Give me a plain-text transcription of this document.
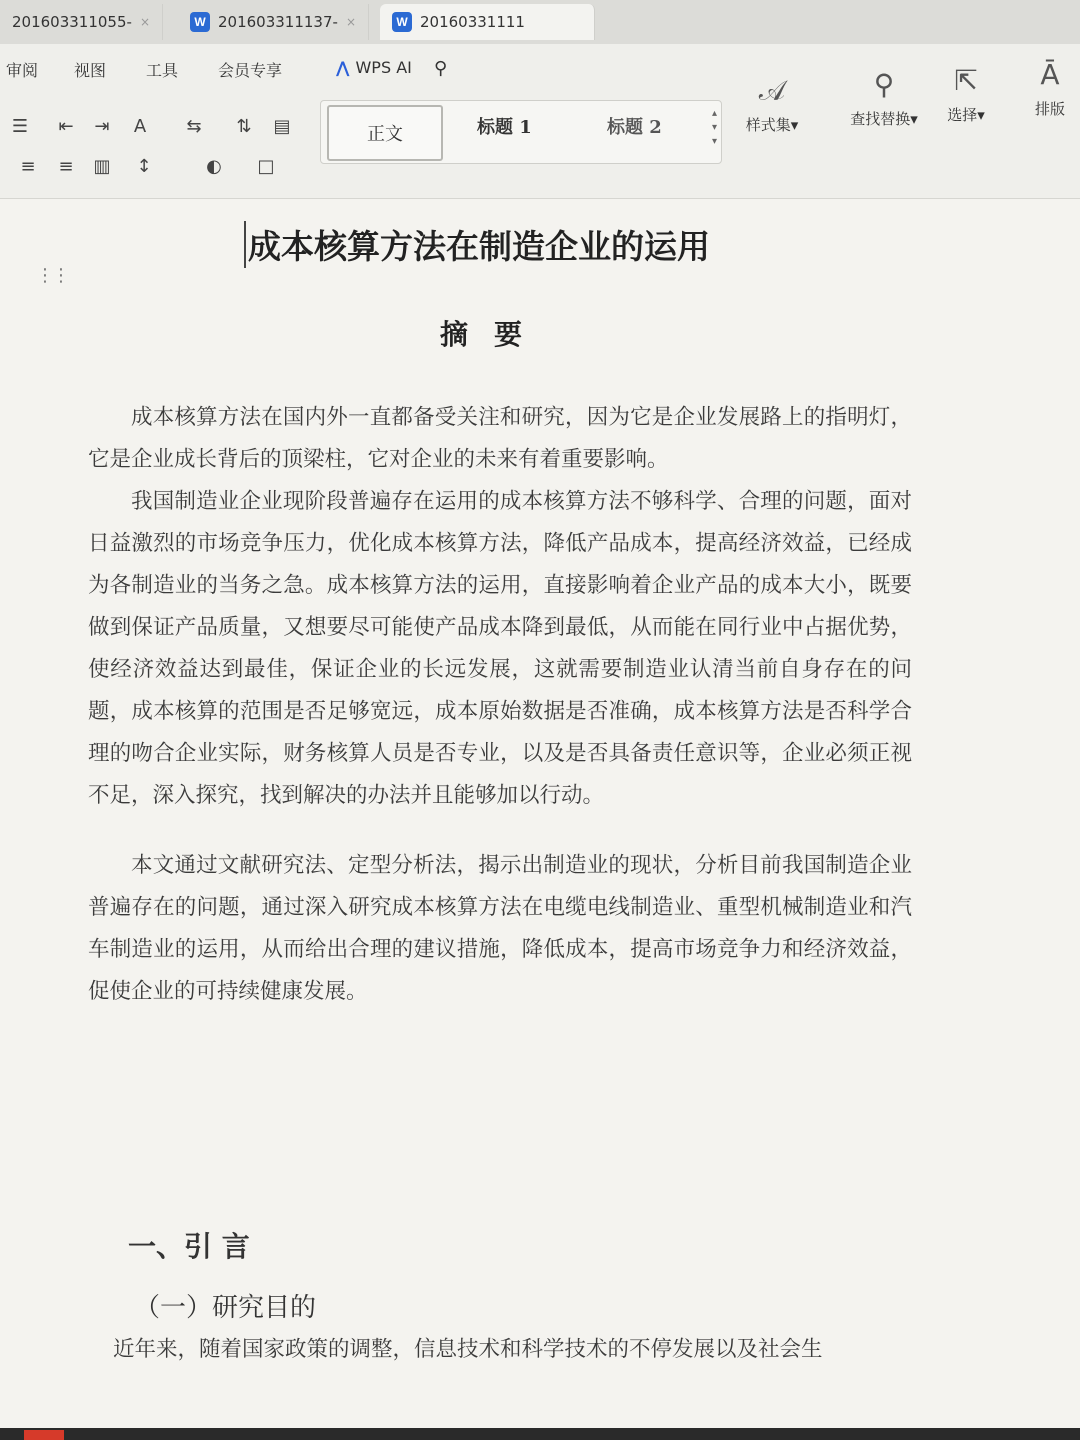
201603311055- ×	W 201603311137- ×	W 20160331111
审阅 视图 工具 会员专享	⋀ WPS AI ⚲
☰	⇤	⇥	A	⇆	⇅	▤
≡	≡	▥	↕	◐	□
正文	标题 1	标题 2
▴
▾
▾
𝒜
样式集▾
⚲
查找替换▾
⇱
选择▾
Ā
排版
⋮⋮
成本核算方法在制造企业的运用
摘要

成本核算方法在国内外一直都备受关注和研究，因为它是企业发展路上的指明灯，它是企业成长背后的顶梁柱，它对企业的未来有着重要影响。

我国制造业企业现阶段普遍存在运用的成本核算方法不够科学、合理的问题，面对日益激烈的市场竞争压力，优化成本核算方法，降低产品成本，提高经济效益，已经成为各制造业的当务之急。成本核算方法的运用，直接影响着企业产品的成本大小，既要做到保证产品质量，又想要尽可能使产品成本降到最低，从而能在同行业中占据优势，使经济效益达到最佳，保证企业的长远发展，这就需要制造业认清当前自身存在的问题，成本核算的范围是否足够宽远，成本原始数据是否准确，成本核算方法是否科学合理的吻合企业实际，财务核算人员是否专业，以及是否具备责任意识等，企业必须正视不足，深入探究，找到解决的办法并且能够加以行动。

本文通过文献研究法、定型分析法，揭示出制造业的现状，分析目前我国制造企业普遍存在的问题，通过深入研究成本核算方法在电缆电线制造业、重型机械制造业和汽车制造业的运用，从而给出合理的建议措施，降低成本，提高市场竞争力和经济效益，促使企业的可持续健康发展。

一、引 言
（一）研究目的

近年来，随着国家政策的调整，信息技术和科学技术的不停发展以及社会生
